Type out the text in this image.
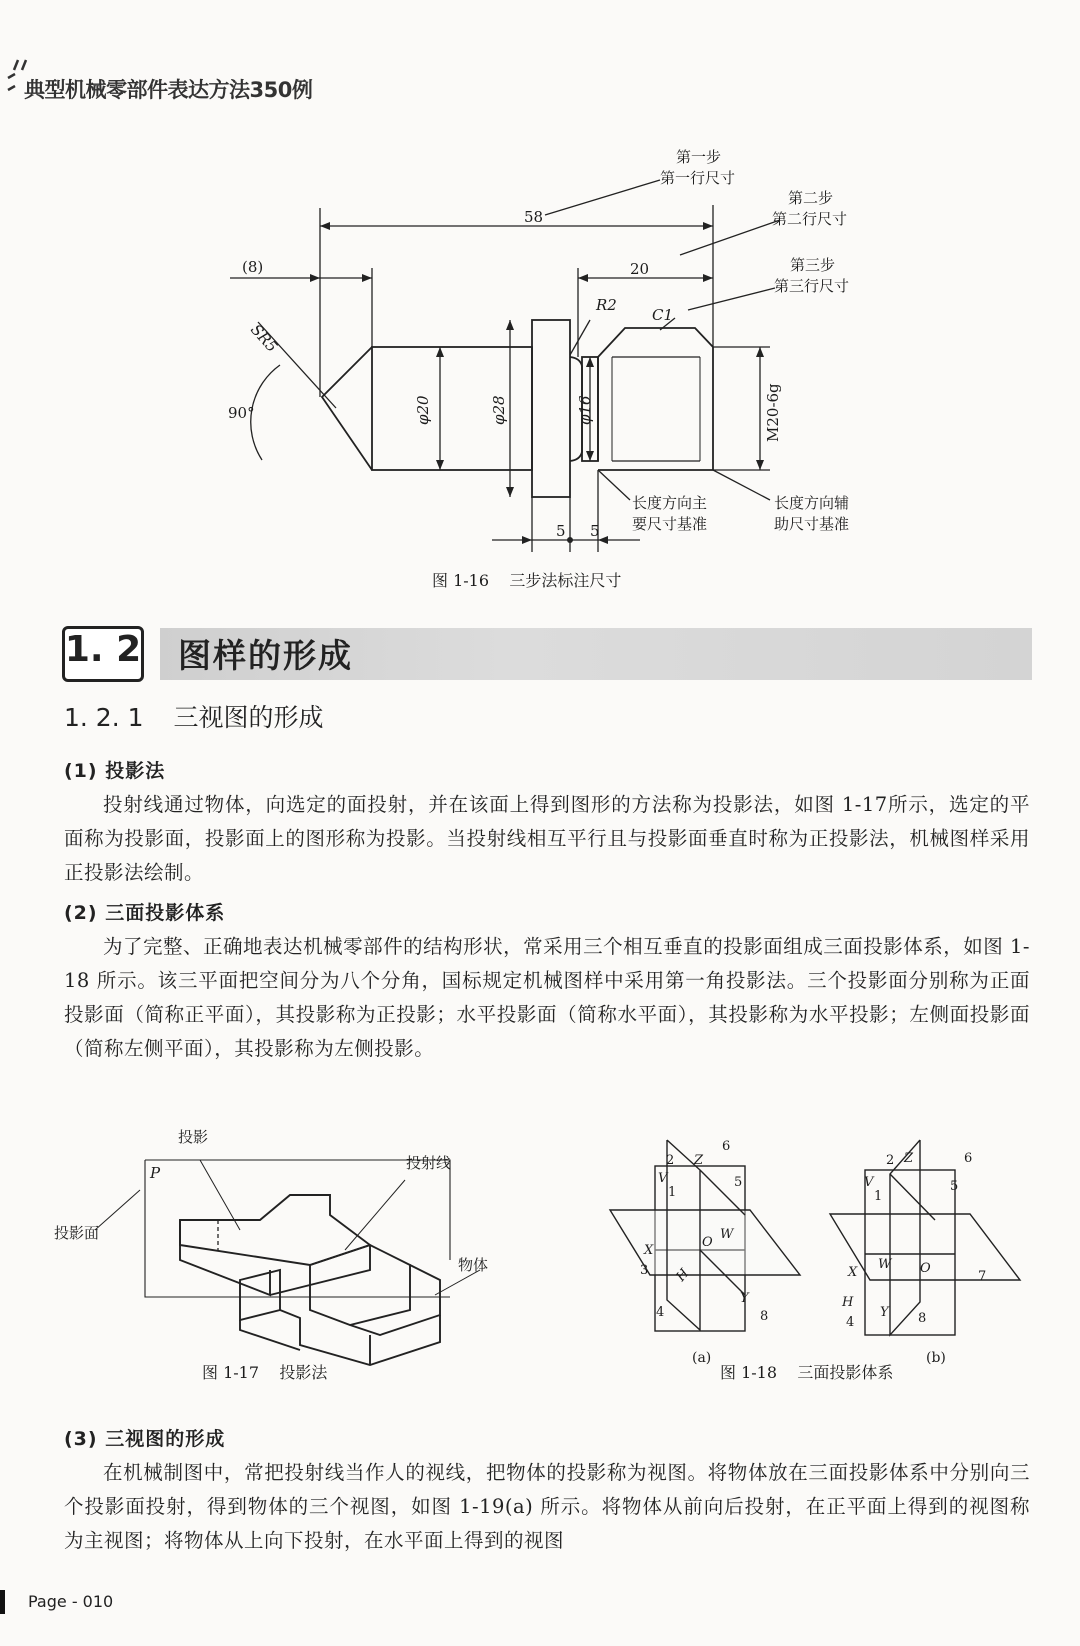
典型机械零部件表达方法350例
58
(8)	20
5 5
SR5
R2
C1
90°	φ20	φ28	φ16	M20-6g
第一步
第一行尺寸
第二步
第二行尺寸
第三步
第三行尺寸
长度方向主
要尺寸基准
长度方向辅
助尺寸基准
图 1-16    三步法标注尺寸
1. 2 图样的形成
1. 2. 1 三视图的形成
(1) 投影法

投射线通过物体，向选定的面投射，并在该面上得到图形的方法称为投影法，如图 1-17所示，选定的平面称为投影面，投影面上的图形称为投影。当投射线相互平行且与投影面垂直时称为正投影法，机械图样采用正投影法绘制。

(2) 三面投影体系

为了完整、正确地表达机械零部件的结构形状，常采用三个相互垂直的投影面组成三面投影体系，如图 1-18 所示。该三平面把空间分为八个分角，国标规定机械图样中采用第一角投影法。三个投影面分别称为正面投影面（简称正平面），其投影称为正投影；水平投影面（简称水平面），其投影称为水平投影；左侧面投影面（简称左侧平面），其投影称为左侧投影。

投影
投射线
投影面
物体
P
图 1-17    投影法
2
1
3
4
5
6
8
V
H
W
O
X
Y
Z	2
1
4
5
6
7
8
V
H
W O
X
Y
Z
(a)	(b)
图 1-18    三面投影体系
(3) 三视图的形成

在机械制图中，常把投射线当作人的视线，把物体的投影称为视图。将物体放在三面投影体系中分别向三个投影面投射，得到物体的三个视图，如图 1-19(a) 所示。将物体从前向后投射，在正平面上得到的视图称为主视图；将物体从上向下投射，在水平面上得到的视图

Page - 010
